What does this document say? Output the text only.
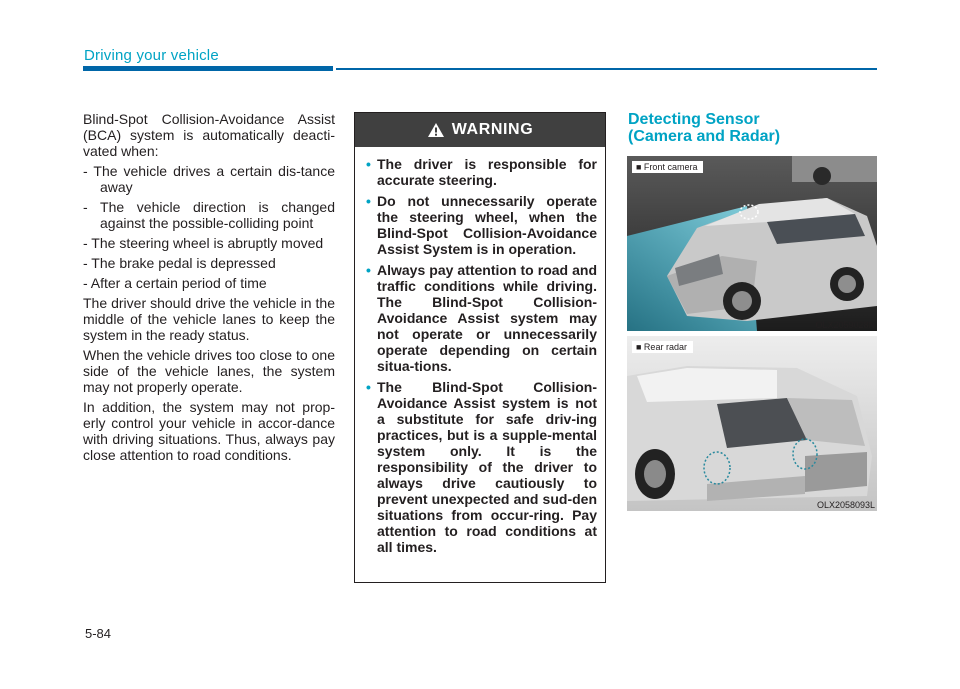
Driving your vehicle

Blind-Spot Collision-Avoidance Assist (BCA) system is automatically deacti-vated when:

- The vehicle drives a certain dis-tance away
- The vehicle direction is changed against the possible-colliding point
- The steering wheel is abruptly moved
- The brake pedal is depressed
- After a certain period of time

The driver should drive the vehicle in the middle of the vehicle lanes to keep the system in the ready status.

When the vehicle drives too close to one side of the vehicle lanes, the system may not properly operate.

In addition, the system may not prop-erly control your vehicle in accor-dance with driving situations. Thus, always pay close attention to road conditions.

WARNING
• The driver is responsible for accurate steering.
• Do not unnecessarily operate the steering wheel, when the Blind-Spot Collision-Avoidance Assist System is in operation.
• Always pay attention to road and traffic conditions while driving. The Blind-Spot Collision-Avoidance Assist system may not operate or unnecessarily operate depending on certain situa-tions.
• The Blind-Spot Collision-Avoidance Assist system is not a substitute for safe driv-ing practices, but is a supple-mental system only. It is the responsibility of the driver to always drive cautiously to prevent unexpected and sud-den situations from occur-ring. Pay attention to road conditions at all times.
Detecting Sensor
(Camera and Radar)
■ Front camera
OLX2059028N
■ Rear radar
OLX2058093L
5-84
